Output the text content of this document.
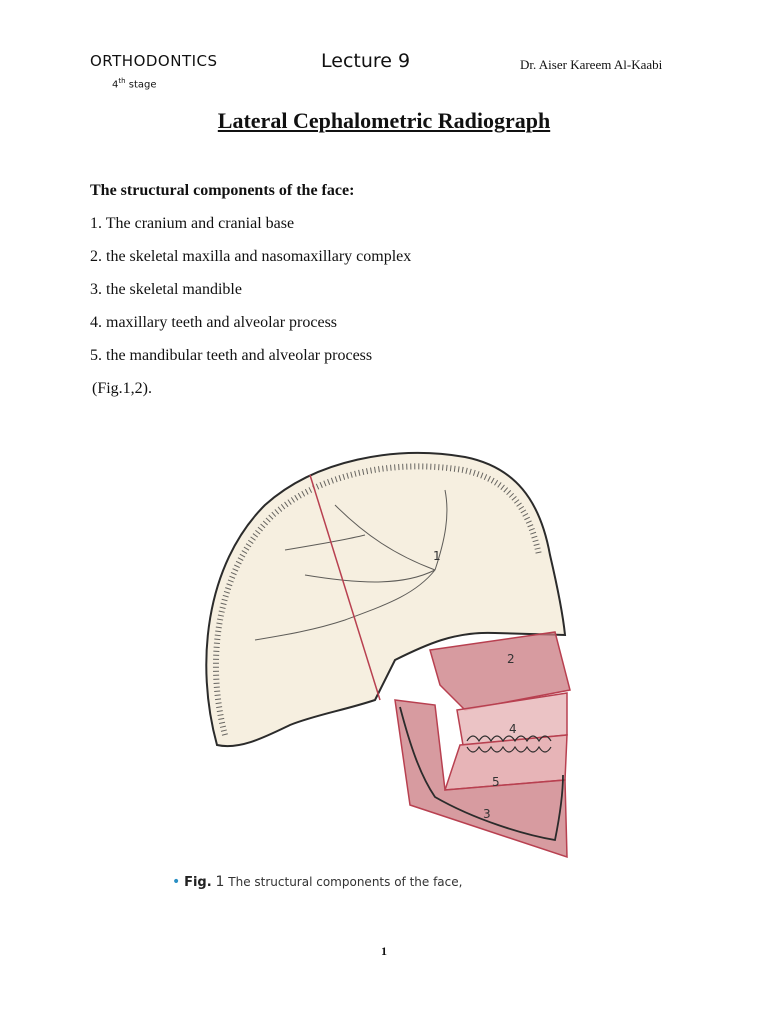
ORTHODONTICS
4th stage
Lecture 9	Dr. Aiser Kareem Al-Kaabi
Lateral Cephalometric Radiograph
The structural components of the face:
1. The cranium and cranial base
2. the skeletal maxilla and nasomaxillary complex
3. the skeletal mandible
4. maxillary teeth and alveolar process
5. the mandibular teeth and alveolar process
(Fig.1,2).
1
2
3
4
5
• Fig. 1 The structural components of the face,
1
